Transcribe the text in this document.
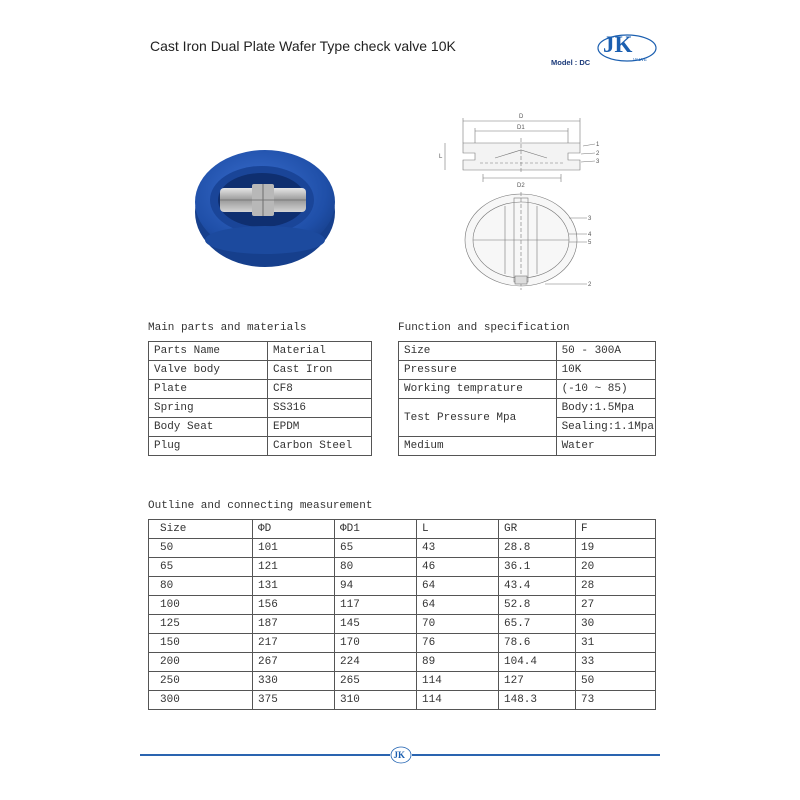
Cast Iron Dual Plate Wafer Type check valve 10K	JK
VALVE
Model : DC
D
D1
D2
L
1
2
3
3
4
5
2
Main parts and materials
Parts Name	Material
Valve body	Cast Iron
Plate	CF8
Spring	SS316
Body Seat	EPDM
Plug	Carbon Steel
Function and specification
Size	50 - 300A
Pressure	10K
Working temprature	(-10 ~ 85)
Test Pressure Mpa	Body:1.5Mpa
	Sealing:1.1Mpa
Medium	Water
Outline and connecting measurement
Size	ΦD	ΦD1	L	GR	F
50	101	65	43	28.8	19
65	121	80	46	36.1	20
80	131	94	64	43.4	28
100	156	117	64	52.8	27
125	187	145	70	65.7	30
150	217	170	76	78.6	31
200	267	224	89	104.4	33
250	330	265	114	127	50
300	375	310	114	148.3	73
JK
